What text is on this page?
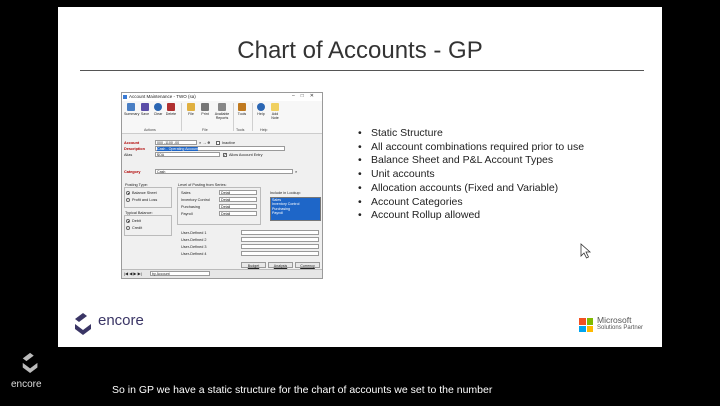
Chart of Accounts - GP
Account Maintenance - TWO (sa)	–□✕
Summary Save	Clear Delete	File	Print	Available Reports
Tools	Help	Add Note
Actions	File	Tools	Help
Account	000 -1100 -00	⌕ → ⊕	Inactive
Description	Cash - Operating Account
Alias	$OA
✓	Allow Account Entry
Category	Cash	⌕
Posting Type:
Balance Sheet
Profit and Loss
Typical Balance:
Debit
Credit
Level of Posting from Series:
Sales	Detail
Inventory Control	Detail
Purchasing	Detail
Payroll	Detail
Include in Lookup:
Sales
Inventory Control
Purchasing
Payroll
User-Defined 1
User-Defined 2
User-Defined 3
User-Defined 4
Budget	Analysis	Currency
|◀ ◀ ▶ ▶|	by Account
• Static Structure
• All account combinations required prior to use
• Balance Sheet and P&L Account Types
• Unit accounts
• Allocation accounts (Fixed and Variable)
• Account Categories
• Account Rollup allowed
encore	Microsoft
Solutions Partner
encore	So in GP we have a static structure for the chart of accounts we set to the number
